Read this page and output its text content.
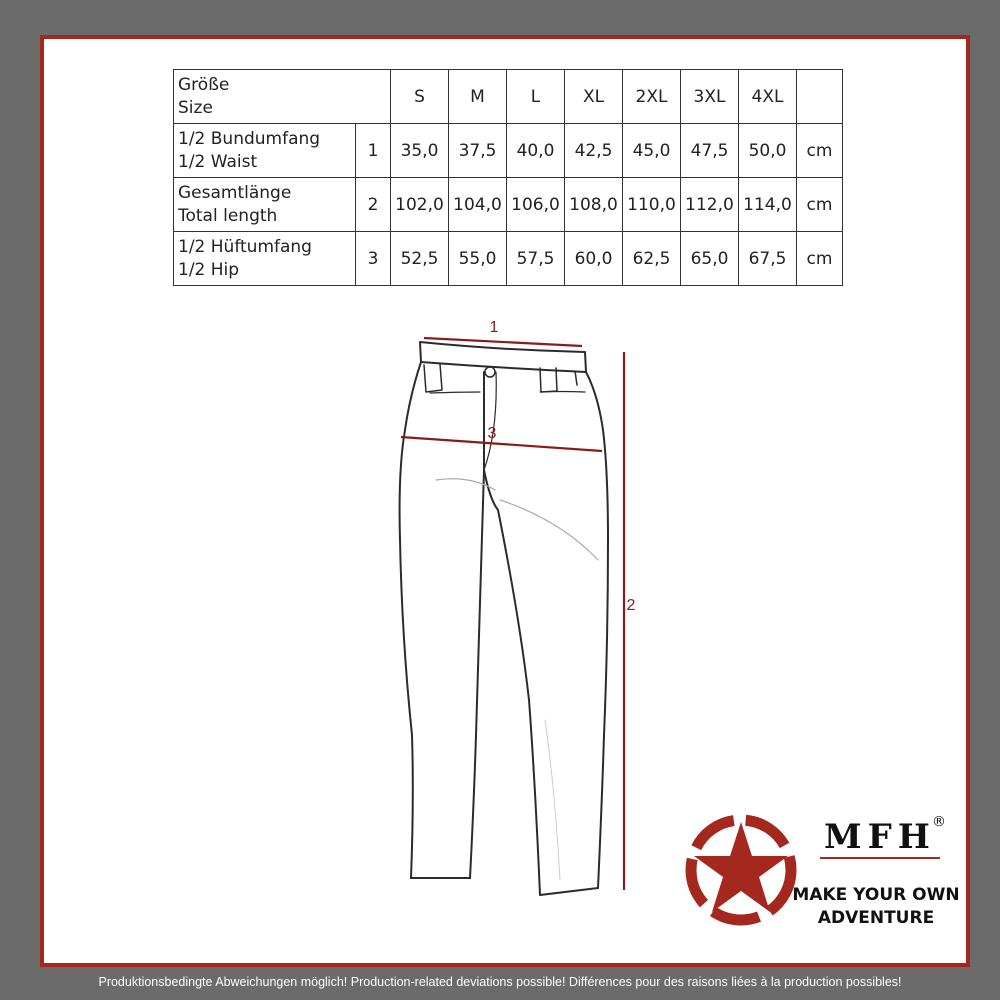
Größe
Size		S	M	L	XL	2XL	3XL	4XL	

1/2 Bundumfang
1/2 Waist	1	35,0	37,5	40,0	42,5	45,0	47,5	50,0	cm

Gesamtlänge
Total length	2	102,0	104,0	106,0	108,0	110,0	112,0	114,0	cm

1/2 Hüftumfang
1/2 Hip	3	52,5	55,0	57,5	60,0	62,5	65,0	67,5	cm
1
3
2
MFH
®
MAKE YOUR OWN
ADVENTURE
Produktionsbedingte Abweichungen möglich! Production-related deviations possible! Différences pour des raisons liées à la production possibles!
